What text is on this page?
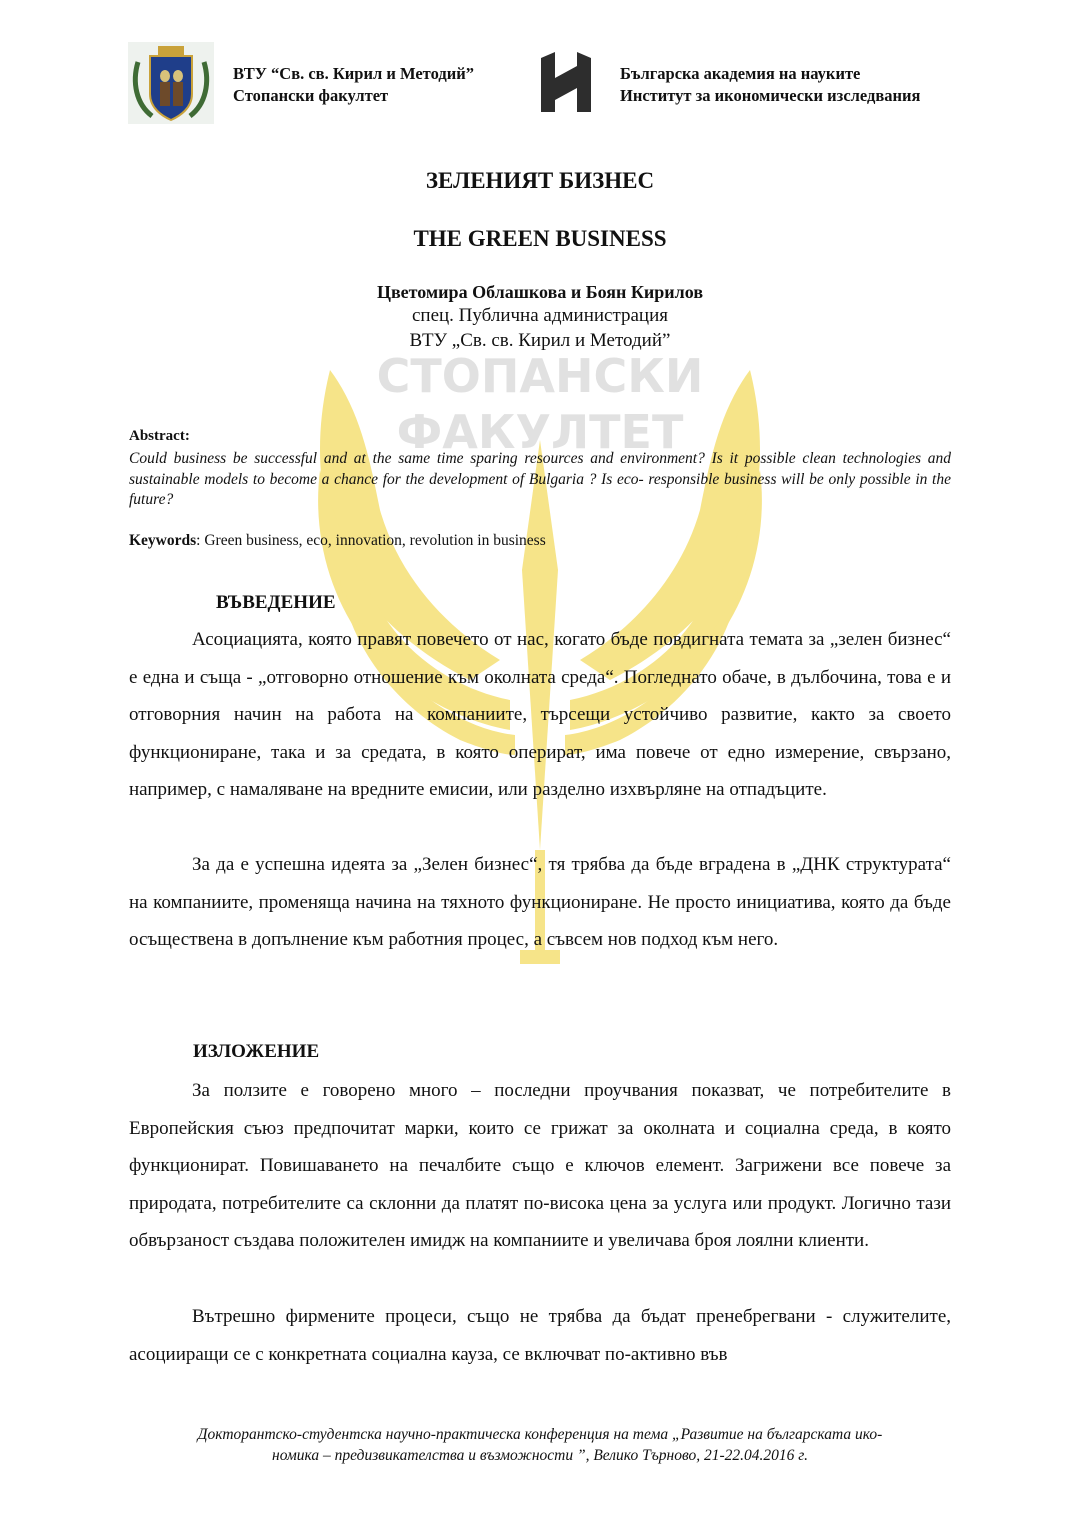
СТОПАНСКИ
ФАКУЛТЕТ
ВТУ “Св. св. Кирил и Методий”
Стопански факултет
Българска академия на науките
Институт за икономически изследвания
ЗЕЛЕНИЯТ БИЗНЕС
THE GREEN BUSINESS
Цветомира Облашкова и Боян Кирилов
спец. Публична администрация
ВТУ „Св. св. Кирил и Методий”
Abstract:
Could business be successful and at the same time sparing resources and environment? Is it possible clean technologies and sustainable models to become a chance for the development of Bulgaria ? Is eco- responsible business will be only possible in the future?
Keywords: Green business, eco, innovation, revolution in business
ВЪВЕДЕНИЕ

Асоциацията, която правят повечето от нас, когато бъде повдигната темата за „зелен бизнес“ е една и съща - „отговорно отношение към околната среда“. Погледнато обаче, в дълбочина, това е и отговорния начин на работа на компаниите, търсещи устойчиво развитие, както за своето функциониране, така и за средата, в която оперират, има повече от едно измерение, свързано, например, с намаляване на вредните емисии, или разделно изхвърляне на отпадъците.

За да е успешна идеята за „Зелен бизнес“, тя трябва да бъде вградена в „ДНК структурата“ на компаниите, променяща начина на тяхното функциониране. Не просто инициатива, която да бъде осъществена в допълнение към работния процес, а съвсем нов подход към него.

ИЗЛОЖЕНИЕ

За ползите е говорено много – последни проучвания показват, че потребителите в Европейския съюз предпочитат марки, които се грижат за околната и социална среда, в която функционират. Повишаването на печалбите също е ключов елемент. Загрижени все повече за природата, потребителите са склонни да платят по-висока цена за услуга или продукт. Логично тази обвързаност създава положителен имидж на компаниите и увеличава броя лоялни клиенти.

Вътрешно фирмените процеси, също не трябва да бъдат пренебрегвани - служителите, асоцииращи се с конкретната социална кауза, се включват по-активно във

Докторантско-студентска научно-практическа конференция на тема „Развитие на българската ико-
номика – предизвикателства и възможности ”, Велико Търново, 21-22.04.2016 г.
